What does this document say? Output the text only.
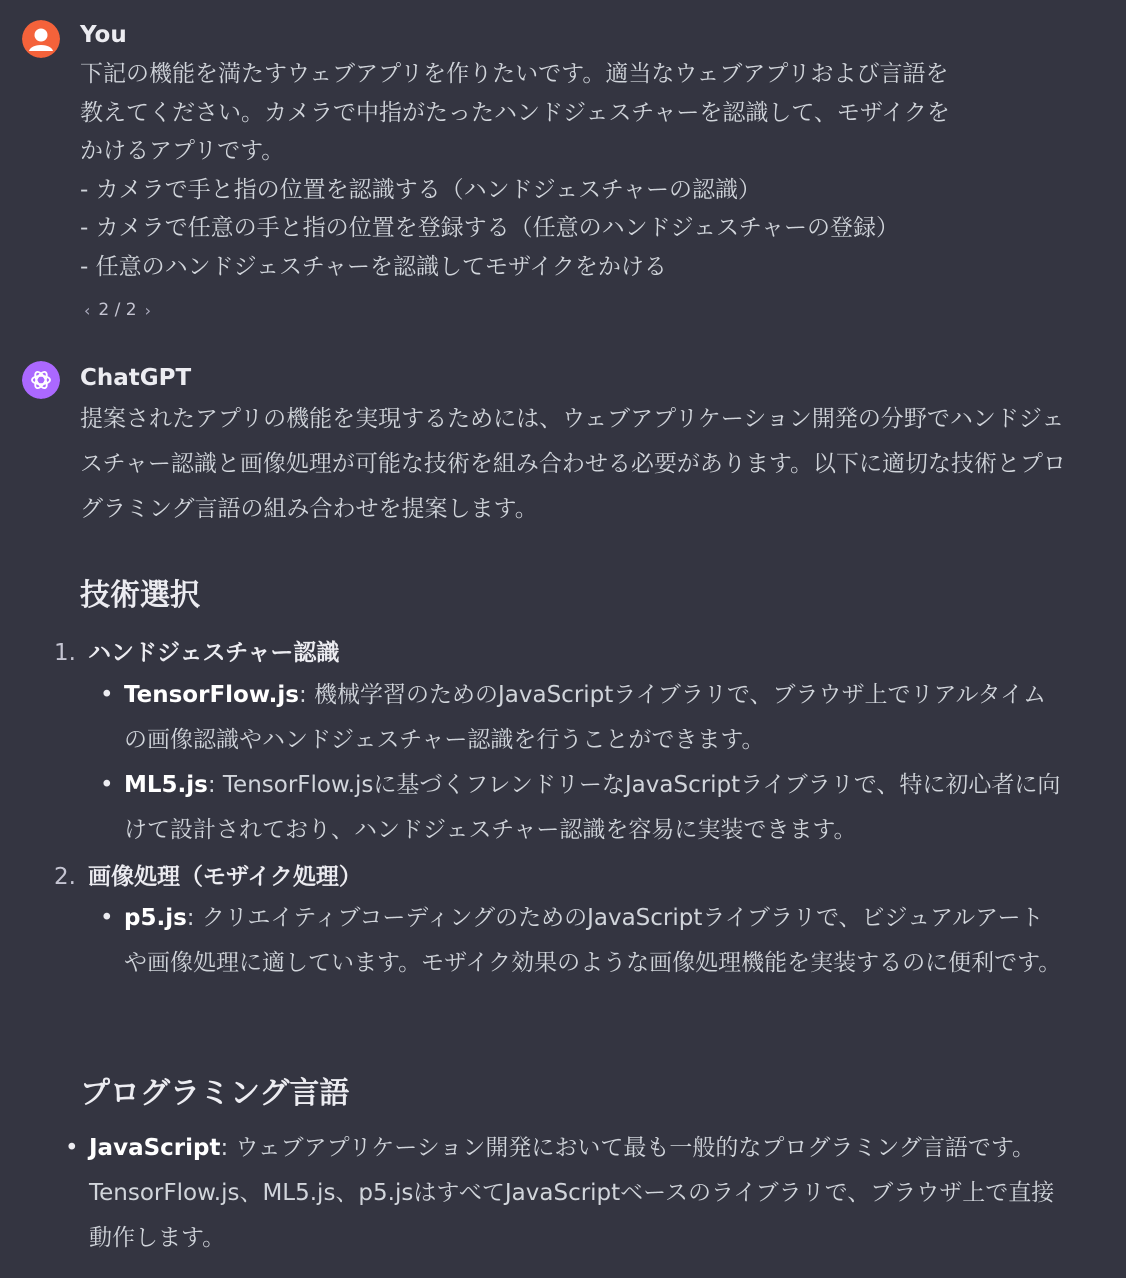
You

下記の機能を満たすウェブアプリを作りたいです。適当なウェブアプリおよび言語を

教えてください。カメラで中指がたったハンドジェスチャーを認識して、モザイクを

かけるアプリです。

- カメラで手と指の位置を認識する（ハンドジェスチャーの認識）

- カメラで任意の手と指の位置を登録する（任意のハンドジェスチャーの登録）

- 任意のハンドジェスチャーを認識してモザイクをかける

‹ 2 / 2 ›
ChatGPT

提案されたアプリの機能を実現するためには、ウェブアプリケーション開発の分野でハンドジェスチャー認識と画像処理が可能な技術を組み合わせる必要があります。以下に適切な技術とプログラミング言語の組み合わせを提案します。

技術選択
1. ハンドジェスチャー認識
• TensorFlow.js: 機械学習のためのJavaScriptライブラリで、ブラウザ上でリアルタイムの画像認識やハンドジェスチャー認識を行うことができます。
• ML5.js: TensorFlow.jsに基づくフレンドリーなJavaScriptライブラリで、特に初心者に向けて設計されており、ハンドジェスチャー認識を容易に実装できます。
2. 画像処理（モザイク処理）
• p5.js: クリエイティブコーディングのためのJavaScriptライブラリで、ビジュアルアートや画像処理に適しています。モザイク効果のような画像処理機能を実装するのに便利です。
プログラミング言語
• JavaScript: ウェブアプリケーション開発において最も一般的なプログラミング言語です。TensorFlow.js、ML5.js、p5.jsはすべてJavaScriptベースのライブラリで、ブラウザ上で直接動作します。
